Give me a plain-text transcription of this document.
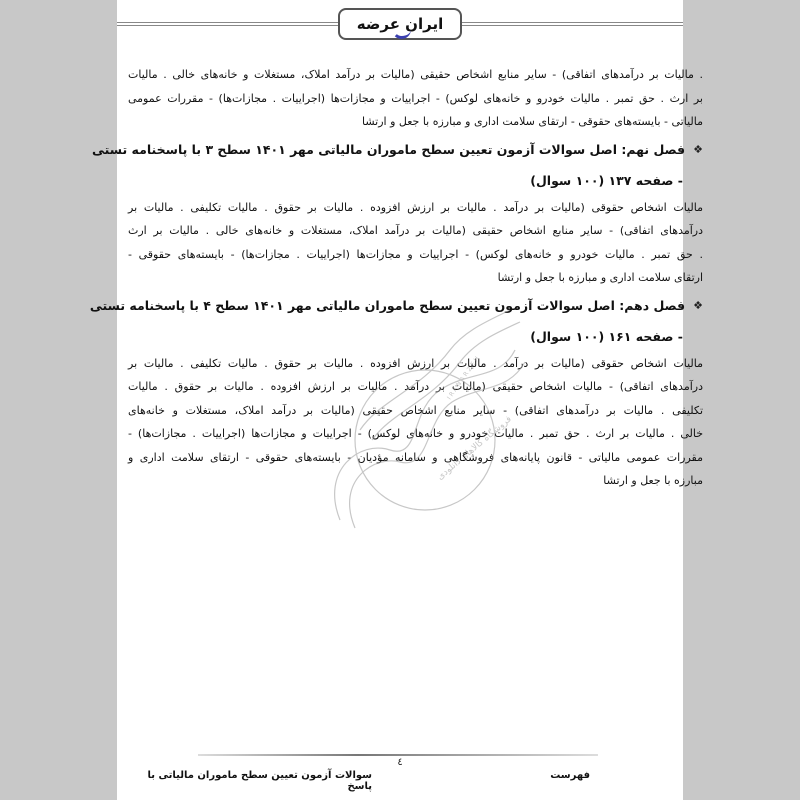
ایران عرضه
. مالیات بر درآمدهای اتفاقی) - سایر منابع اشخاص حقیقی (مالیات بر درآمد املاک، مستغلات و خانه‌های خالی . مالیات
بر ارث . حق تمبر . مالیات خودرو و خانه‌های لوکس) - اجراییات و مجازات‌ها (اجراییات . مجازات‌ها) - مقررات عمومی
مالیاتی - بایسته‌های حقوقی - ارتقای سلامت اداری و مبارزه با جعل و ارتشا
❖
فصل نهم: اصل سوالات آزمون تعیین سطح ماموران مالیاتی مهر ۱۴۰۱ سطح ۳ با پاسخنامه تستی
- صفحه ۱۳۷ (۱۰۰ سوال)
مالیات اشخاص حقوقی (مالیات بر درآمد . مالیات بر ارزش افزوده . مالیات بر حقوق . مالیات تکلیفی . مالیات بر
درآمدهای اتفاقی) - سایر منابع اشخاص حقیقی (مالیات بر درآمد املاک، مستغلات و خانه‌های خالی . مالیات بر ارث
. حق تمبر . مالیات خودرو و خانه‌های لوکس) - اجراییات و مجازات‌ها (اجراییات . مجازات‌ها) - بایسته‌های حقوقی -
ارتقای سلامت اداری و مبارزه با جعل و ارتشا
❖
فصل دهم: اصل سوالات آزمون تعیین سطح ماموران مالیاتی مهر ۱۴۰۱ سطح ۴ با پاسخنامه تستی
- صفحه ۱۶۱ (۱۰۰ سوال)
مالیات اشخاص حقوقی (مالیات بر درآمد . مالیات بر ارزش افزوده . مالیات بر حقوق . مالیات تکلیفی . مالیات بر
درآمدهای اتفاقی) - مالیات اشخاص حقیقی (مالیات بر درآمد . مالیات بر ارزش افزوده . مالیات بر حقوق . مالیات
تکلیفی . مالیات بر درآمدهای اتفاقی) - سایر منابع اشخاص حقیقی (مالیات بر درآمد املاک، مستغلات و خانه‌های
خالی . مالیات بر ارث . حق تمبر . مالیات خودرو و خانه‌های لوکس) - اجراییات و مجازات‌ها (اجراییات . مجازات‌ها) -
مقررات عمومی مالیاتی - قانون پایانه‌های فروشگاهی و سامانه مؤدیان - بایسته‌های حقوقی - ارتقای سلامت اداری و
مبارزه با جعل و ارتشا
فروشگاه کالاهای دانلودی
IRANARZEH
٤
سوالات آزمون تعیین سطح ماموران مالیاتی با پاسخ
فهرست
